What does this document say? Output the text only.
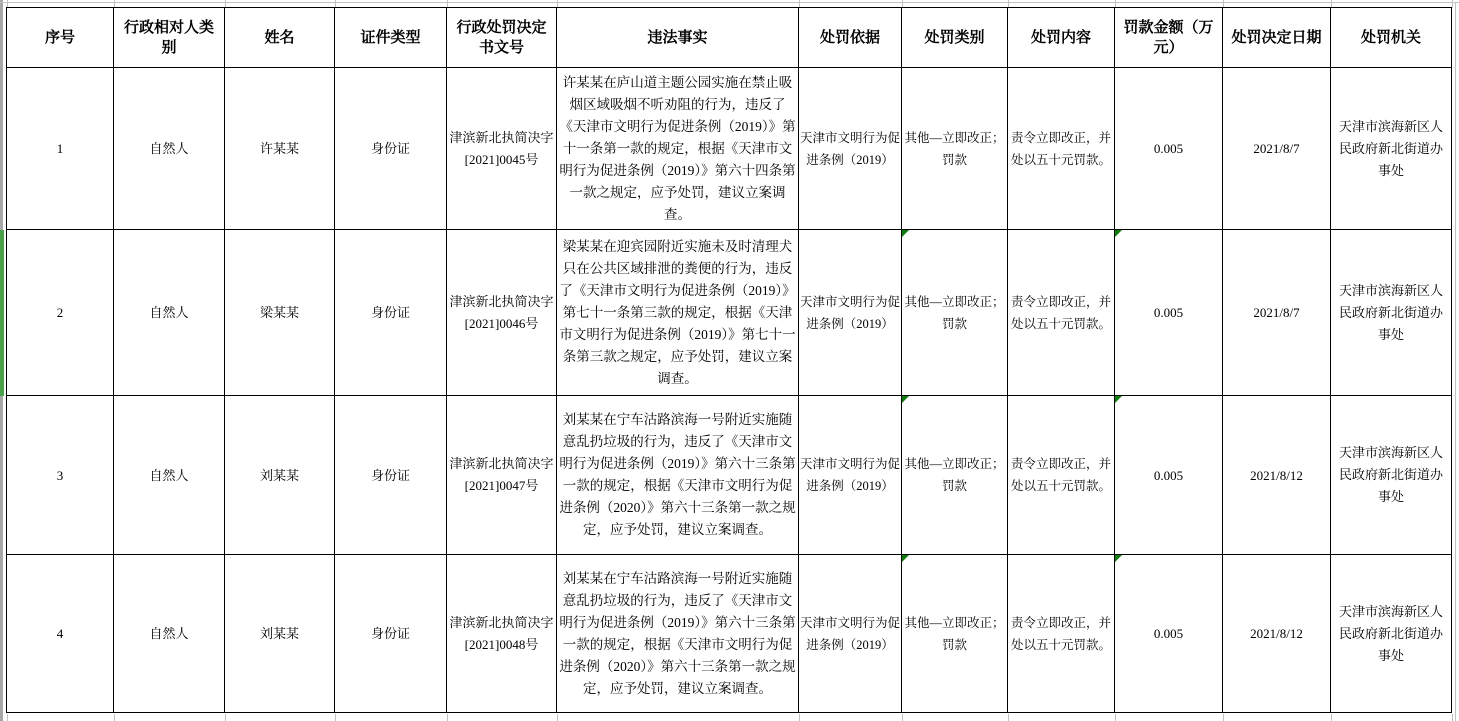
序号	行政相对人类别	姓名	证件类型	行政处罚决定书文号	违法事实	处罚依据	处罚类别	处罚内容	罚款金额（万元）	处罚决定日期	处罚机关
1	自然人	许某某	身份证	津滨新北执简决字[2021]0045号	许某某在庐山道主题公园实施在禁止吸烟区域吸烟不听劝阻的行为，违反了《天津市文明行为促进条例（2019）》第十一条第一款的规定，根据《天津市文明行为促进条例（2019）》第六十四条第一款之规定，应予处罚，建议立案调查。	天津市文明行为促进条例（2019）	其他—立即改正；罚款	责令立即改正，并处以五十元罚款。	0.005	2021/8/7	天津市滨海新区人民政府新北街道办事处
2	自然人	梁某某	身份证	津滨新北执简决字[2021]0046号	梁某某在迎宾园附近实施未及时清理犬只在公共区域排泄的粪便的行为，违反了《天津市文明行为促进条例（2019）》第七十一条第三款的规定，根据《天津市文明行为促进条例（2019）》第七十一条第三款之规定，应予处罚，建议立案调查。	天津市文明行为促进条例（2019）	其他—立即改正；罚款	责令立即改正，并处以五十元罚款。	0.005	2021/8/7	天津市滨海新区人民政府新北街道办事处
3	自然人	刘某某	身份证	津滨新北执简决字[2021]0047号	刘某某在宁车沽路滨海一号附近实施随意乱扔垃圾的行为，违反了《天津市文明行为促进条例（2019）》第六十三条第一款的规定，根据《天津市文明行为促进条例（2020）》第六十三条第一款之规定，应予处罚，建议立案调查。	天津市文明行为促进条例（2019）	其他—立即改正；罚款	责令立即改正，并处以五十元罚款。	0.005	2021/8/12	天津市滨海新区人民政府新北街道办事处
4	自然人	刘某某	身份证	津滨新北执简决字[2021]0048号	刘某某在宁车沽路滨海一号附近实施随意乱扔垃圾的行为，违反了《天津市文明行为促进条例（2019）》第六十三条第一款的规定，根据《天津市文明行为促进条例（2020）》第六十三条第一款之规定，应予处罚，建议立案调查。	天津市文明行为促进条例（2019）	其他—立即改正；罚款	责令立即改正，并处以五十元罚款。	0.005	2021/8/12	天津市滨海新区人民政府新北街道办事处
